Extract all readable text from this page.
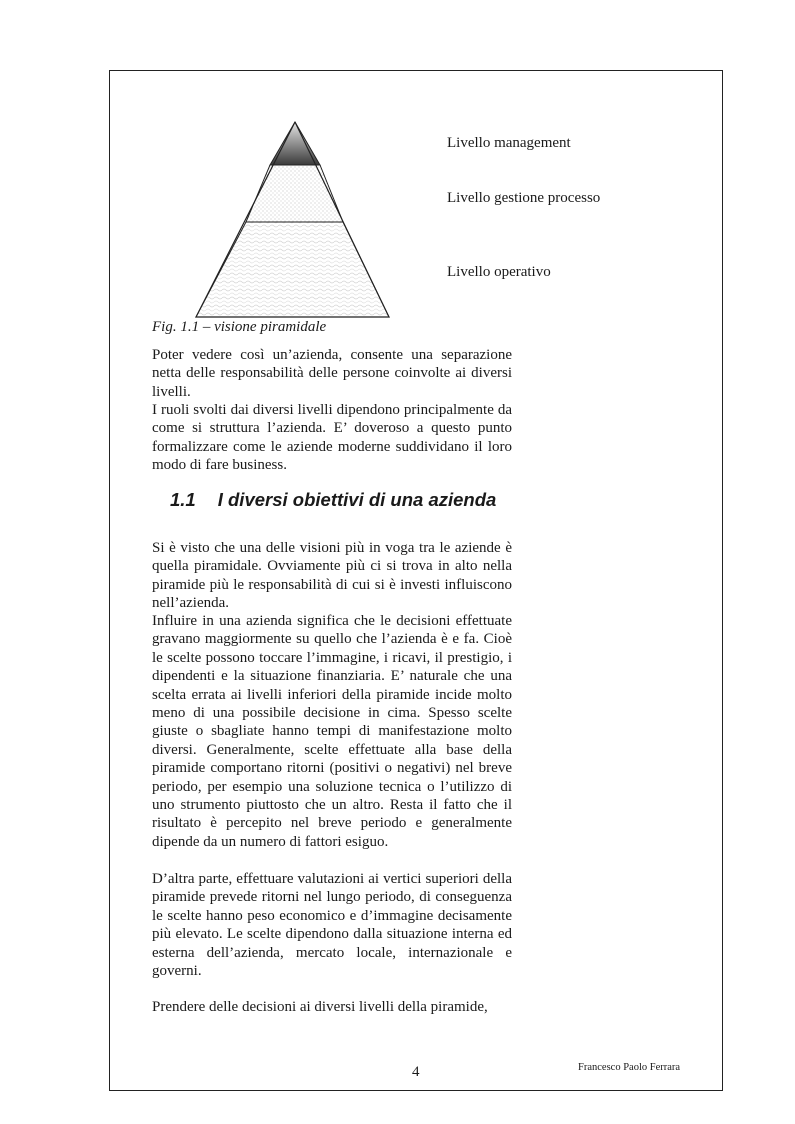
Livello management
Livello gestione processo
Livello operativo
Fig. 1.1 – visione piramidale

Poter vedere così un’azienda, consente una separazione netta delle responsabilità delle persone coinvolte ai diversi livelli.

I ruoli svolti dai diversi livelli dipendono principalmente da come si struttura l’azienda. E’ doveroso a questo punto formalizzare come le aziende moderne suddividano il loro modo di fare business.

1.1 I diversi obiettivi di una azienda

Si è visto che una delle visioni più in voga tra le aziende è quella piramidale. Ovviamente più ci si trova in alto nella piramide più le responsabilità di cui si è investi influiscono nell’azienda.

Influire in una azienda significa che le decisioni effettuate gravano maggiormente su quello che l’azienda è e fa. Cioè le scelte possono toccare l’immagine, i ricavi, il prestigio, i dipendenti e la situazione finanziaria. E’ naturale che una scelta errata ai livelli inferiori della piramide incide molto meno di una possibile decisione in cima. Spesso scelte giuste o sbagliate hanno tempi di manifestazione molto diversi. Generalmente, scelte effettuate alla base della piramide comportano ritorni (positivi o negativi) nel breve periodo, per esempio una soluzione tecnica o l’utilizzo di uno strumento piuttosto che un altro. Resta il fatto che il risultato è percepito nel breve periodo e generalmente dipende da un numero di fattori esiguo.

D’altra parte, effettuare valutazioni ai vertici superiori della piramide prevede ritorni nel lungo periodo, di conseguenza le scelte hanno peso economico e d’immagine decisamente più elevato. Le scelte dipendono dalla situazione interna ed esterna dell’azienda, mercato locale, internazionale e governi.

Prendere delle decisioni ai diversi livelli della piramide,

4	Francesco Paolo Ferrara
